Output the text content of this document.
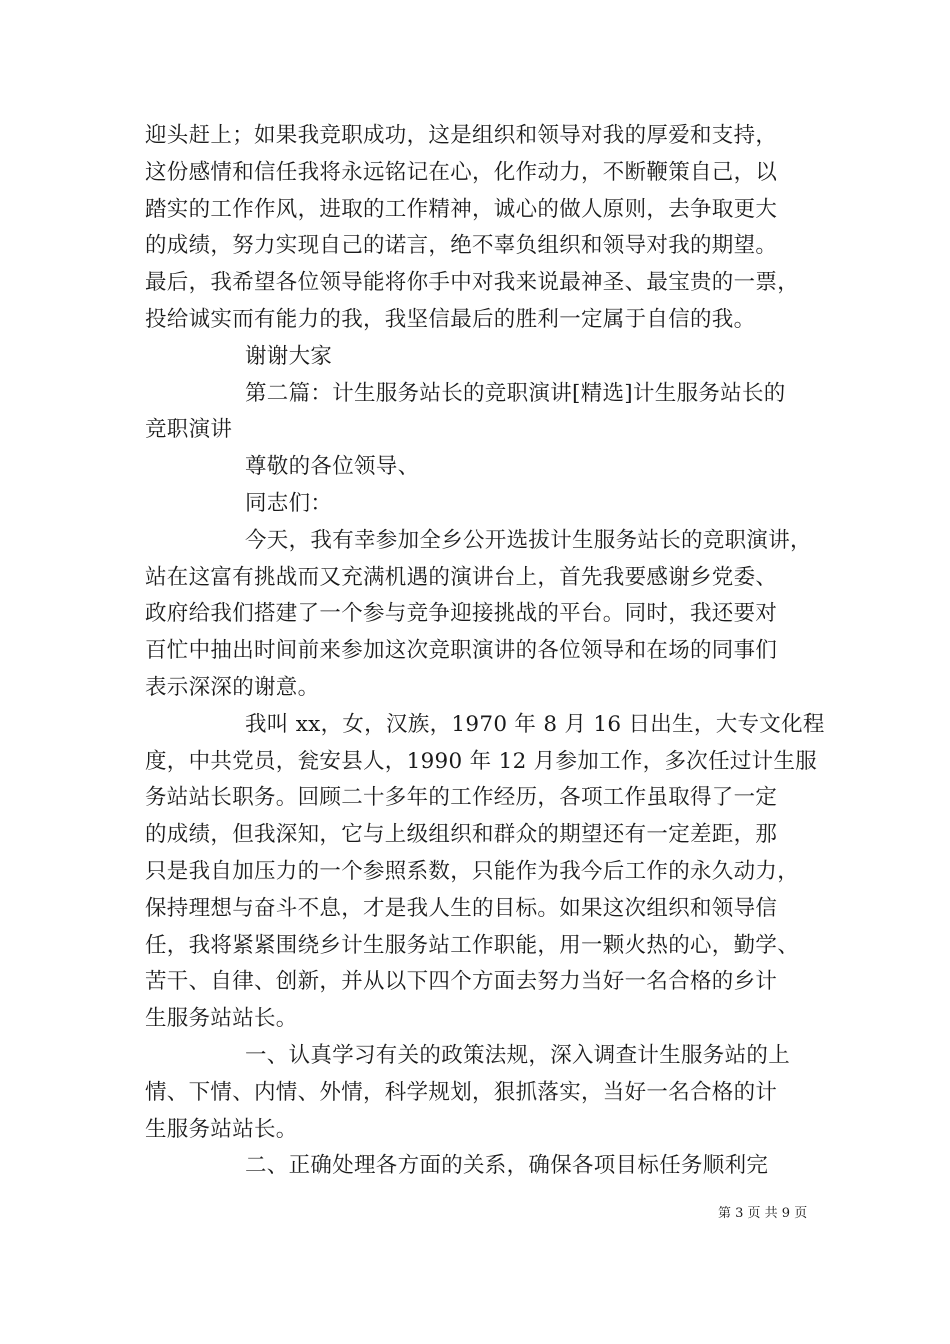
迎头赶上；如果我竞职成功，这是组织和领导对我的厚爱和支持，
这份感情和信任我将永远铭记在心，化作动力，不断鞭策自己，以
踏实的工作作风，进取的工作精神，诚心的做人原则，去争取更大
的成绩，努力实现自己的诺言，绝不辜负组织和领导对我的期望。
最后，我希望各位领导能将你手中对我来说最神圣、最宝贵的一票，
投给诚实而有能力的我，我坚信最后的胜利一定属于自信的我。
谢谢大家
第二篇：计生服务站长的竞职演讲[精选]计生服务站长的
竞职演讲
尊敬的各位领导、
同志们：
今天，我有幸参加全乡公开选拔计生服务站长的竞职演讲，
站在这富有挑战而又充满机遇的演讲台上，首先我要感谢乡党委、
政府给我们搭建了一个参与竞争迎接挑战的平台。同时，我还要对
百忙中抽出时间前来参加这次竞职演讲的各位领导和在场的同事们
表示深深的谢意。
我叫 xx，女，汉族，1970 年 8 月 16 日出生，大专文化程
度，中共党员，瓮安县人，1990 年 12 月参加工作，多次任过计生服
务站站长职务。回顾二十多年的工作经历，各项工作虽取得了一定
的成绩，但我深知，它与上级组织和群众的期望还有一定差距，那
只是我自加压力的一个参照系数，只能作为我今后工作的永久动力，
保持理想与奋斗不息，才是我人生的目标。如果这次组织和领导信
任，我将紧紧围绕乡计生服务站工作职能，用一颗火热的心，勤学、
苦干、自律、创新，并从以下四个方面去努力当好一名合格的乡计
生服务站站长。
一、认真学习有关的政策法规，深入调查计生服务站的上
情、下情、内情、外情，科学规划，狠抓落实，当好一名合格的计
生服务站站长。
二、正确处理各方面的关系，确保各项目标任务顺利完
第 3 页 共 9 页
